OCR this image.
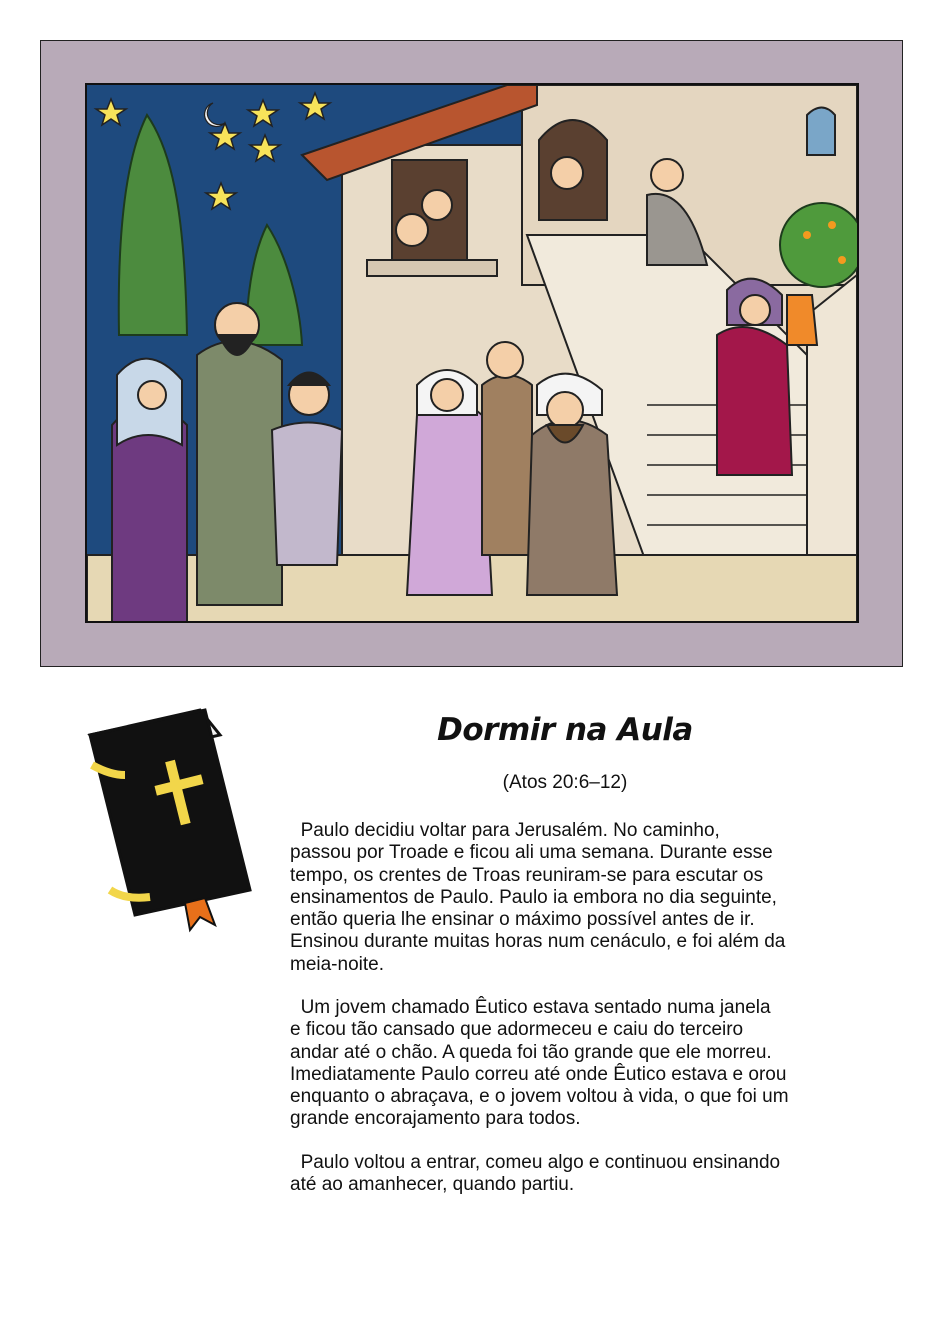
Dormir na Aula
(Atos 20:6–12)

Paulo decidiu voltar para Jerusalém. No caminho,
passou por Troade e ficou ali uma semana. Durante esse
tempo, os crentes de Troas reuniram-se para escutar os
ensinamentos de Paulo. Paulo ia embora no dia seguinte,
então queria lhe ensinar o máximo possível antes de ir.
Ensinou durante muitas horas num cenáculo, e foi além da
meia-noite.

Um jovem chamado Êutico estava sentado numa janela
e ficou tão cansado que adormeceu e caiu do terceiro
andar até o chão. A queda foi tão grande que ele morreu.
Imediatamente Paulo correu até onde Êutico estava e orou
enquanto o abraçava, e o jovem voltou à vida, o que foi um
grande encorajamento para todos.

Paulo voltou a entrar, comeu algo e continuou ensinando
até ao amanhecer, quando partiu.
